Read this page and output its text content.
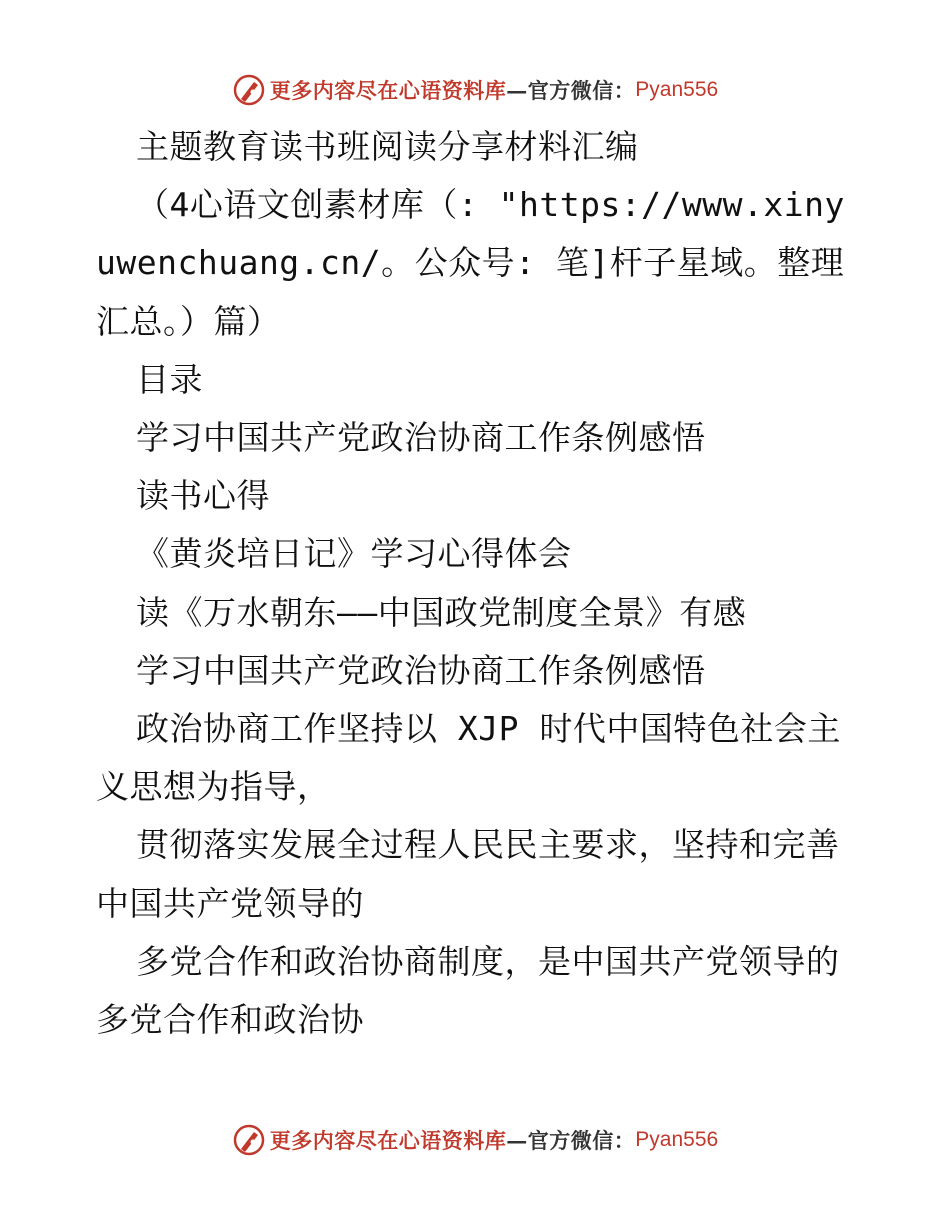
更多内容尽在心语资料库 —官方微信： Pyan556

主题教育读书班阅读分享材料汇编

（4心语文创素材库（: "https://www.xinyuwenchuang.cn/。公众号: 笔]杆子星域。整理汇总。）篇）

目录

学习中国共产党政治协商工作条例感悟

读书心得

《黄炎培日记》学习心得体会

读《万水朝东——中国政党制度全景》有感

学习中国共产党政治协商工作条例感悟

政治协商工作坚持以 XJP 时代中国特色社会主义思想为指导，

贯彻落实发展全过程人民民主要求，坚持和完善中国共产党领导的

多党合作和政治协商制度，是中国共产党领导的多党合作和政治协

更多内容尽在心语资料库 —官方微信： Pyan556
